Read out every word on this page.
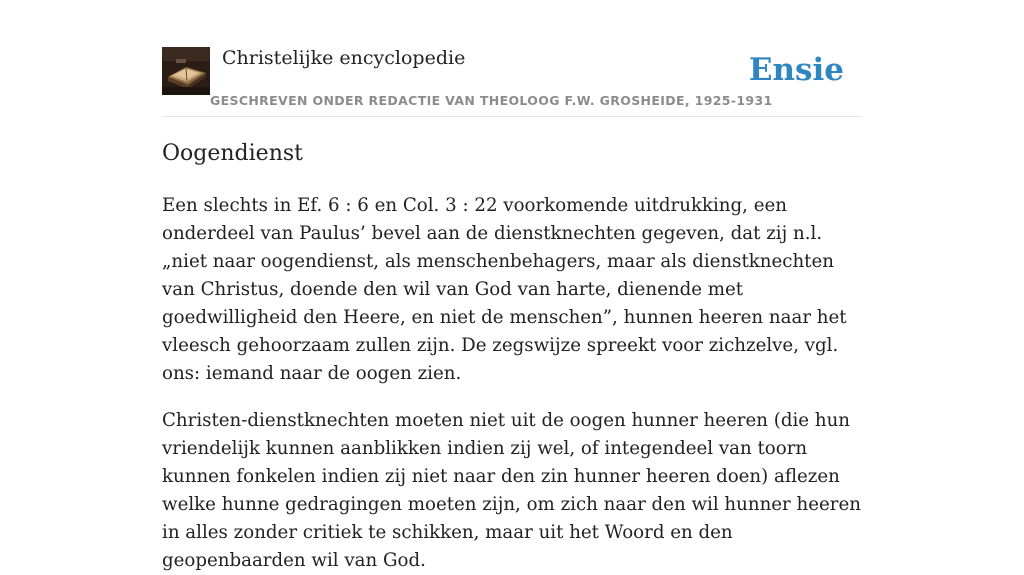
Christelijke encyclopedie
GESCHREVEN ONDER REDACTIE VAN THEOLOOG F.W. GROSHEIDE, 1925-1931
Ensie
Oogendienst

Een slechts in Ef. 6 : 6 en Col. 3 : 22 voorkomende uitdrukking, een onderdeel van Paulus’ bevel aan de dienstknechten gegeven, dat zij n.l. „niet naar oogendienst, als menschenbehagers, maar als dienstknechten van Christus, doende den wil van God van harte, dienende met goedwilligheid den Heere, en niet de menschen”, hunnen heeren naar het vleesch gehoorzaam zullen zijn. De zegswijze spreekt voor zichzelve, vgl. ons: iemand naar de oogen zien.

Christen-dienstknechten moeten niet uit de oogen hunner heeren (die hun vriendelijk kunnen aanblikken indien zij wel, of integendeel van toorn kunnen fonkelen indien zij niet naar den zin hunner heeren doen) aflezen welke hunne gedragingen moeten zijn, om zich naar den wil hunner heeren in alles zonder critiek te schikken, maar uit het Woord en den geopenbaarden wil van God.
